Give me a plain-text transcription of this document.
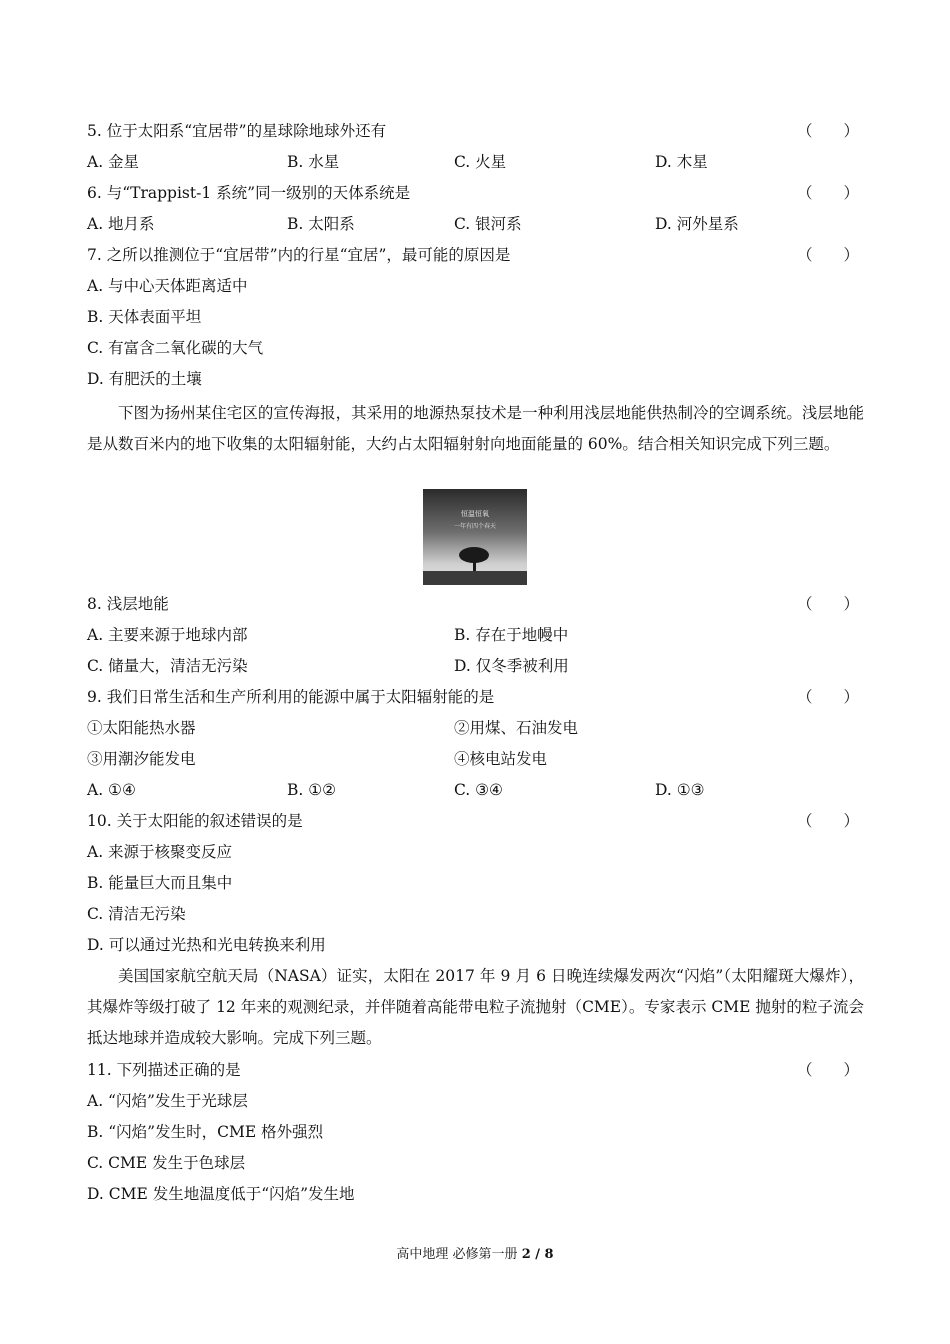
5. 位于太阳系“宜居带”的星球除地球外还有	（　　）
A. 金星	B. 水星	C. 火星	D. 木星
6. 与“Trappist-1 系统”同一级别的天体系统是	（　　）
A. 地月系	B. 太阳系	C. 银河系	D. 河外星系
7. 之所以推测位于“宜居带”内的行星“宜居”，最可能的原因是	（　　）
A. 与中心天体距离适中
B. 天体表面平坦
C. 有富含二氧化碳的大气
D. 有肥沃的土壤
下图为扬州某住宅区的宣传海报，其采用的地源热泵技术是一种利用浅层地能供热制冷的空调系统。浅层地能是从数百米内的地下收集的太阳辐射能，大约占太阳辐射射向地面能量的 60%。结合相关知识完成下列三题。
恒温恒氧
一年有四个春天
8. 浅层地能	（　　）
A. 主要来源于地球内部	B. 存在于地幔中
C. 储量大，清洁无污染	D. 仅冬季被利用
9. 我们日常生活和生产所利用的能源中属于太阳辐射能的是	（　　）
①太阳能热水器	②用煤、石油发电
③用潮汐能发电	④核电站发电
A. ①④	B. ①②	C. ③④	D. ①③
10. 关于太阳能的叙述错误的是	（　　）
A. 来源于核聚变反应
B. 能量巨大而且集中
C. 清洁无污染
D. 可以通过光热和光电转换来利用
美国国家航空航天局（NASA）证实，太阳在 2017 年 9 月 6 日晚连续爆发两次“闪焰”（太阳耀斑大爆炸），其爆炸等级打破了 12 年来的观测纪录，并伴随着高能带电粒子流抛射（CME）。专家表示 CME 抛射的粒子流会抵达地球并造成较大影响。完成下列三题。
11. 下列描述正确的是	（　　）
A. “闪焰”发生于光球层
B. “闪焰”发生时，CME 格外强烈
C. CME 发生于色球层
D. CME 发生地温度低于“闪焰”发生地
高中地理 必修第一册 2 / 8
